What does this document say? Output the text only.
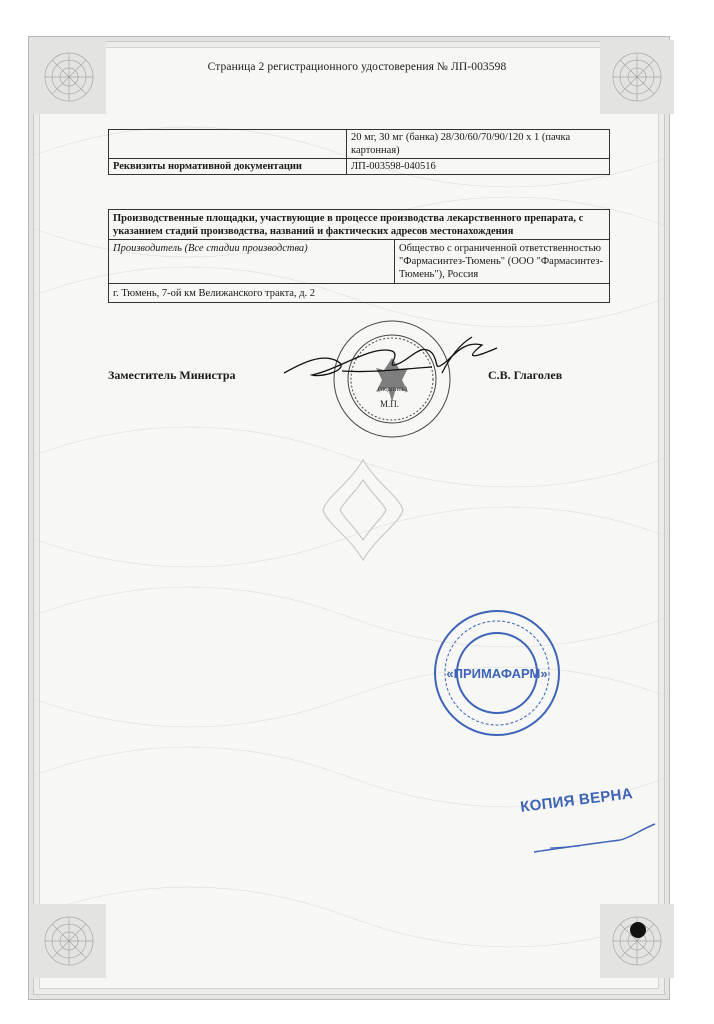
Страница 2 регистрационного удостоверения № ЛП-003598
	20 мг, 30 мг (банка) 28/30/60/70/90/120 х 1 (пачка картонная)
Реквизиты нормативной документации	ЛП-003598-040516
Производственные площадки, участвующие в процессе производства лекарственного препарата, с указанием стадий производства, названий и фактических адресов местонахождения
Производитель (Все стадии производства)	Общество с ограниченной ответственностью "Фармасинтез-Тюмень" (ООО "Фармасинтез-Тюмень"), Россия
г. Тюмень, 7-ой км Велижанского тракта, д. 2
Заместитель Министра	С.В. Глаголев
(подпись)
М.П.
«ПРИМАФАРМ»
КОПИЯ ВЕРНА
